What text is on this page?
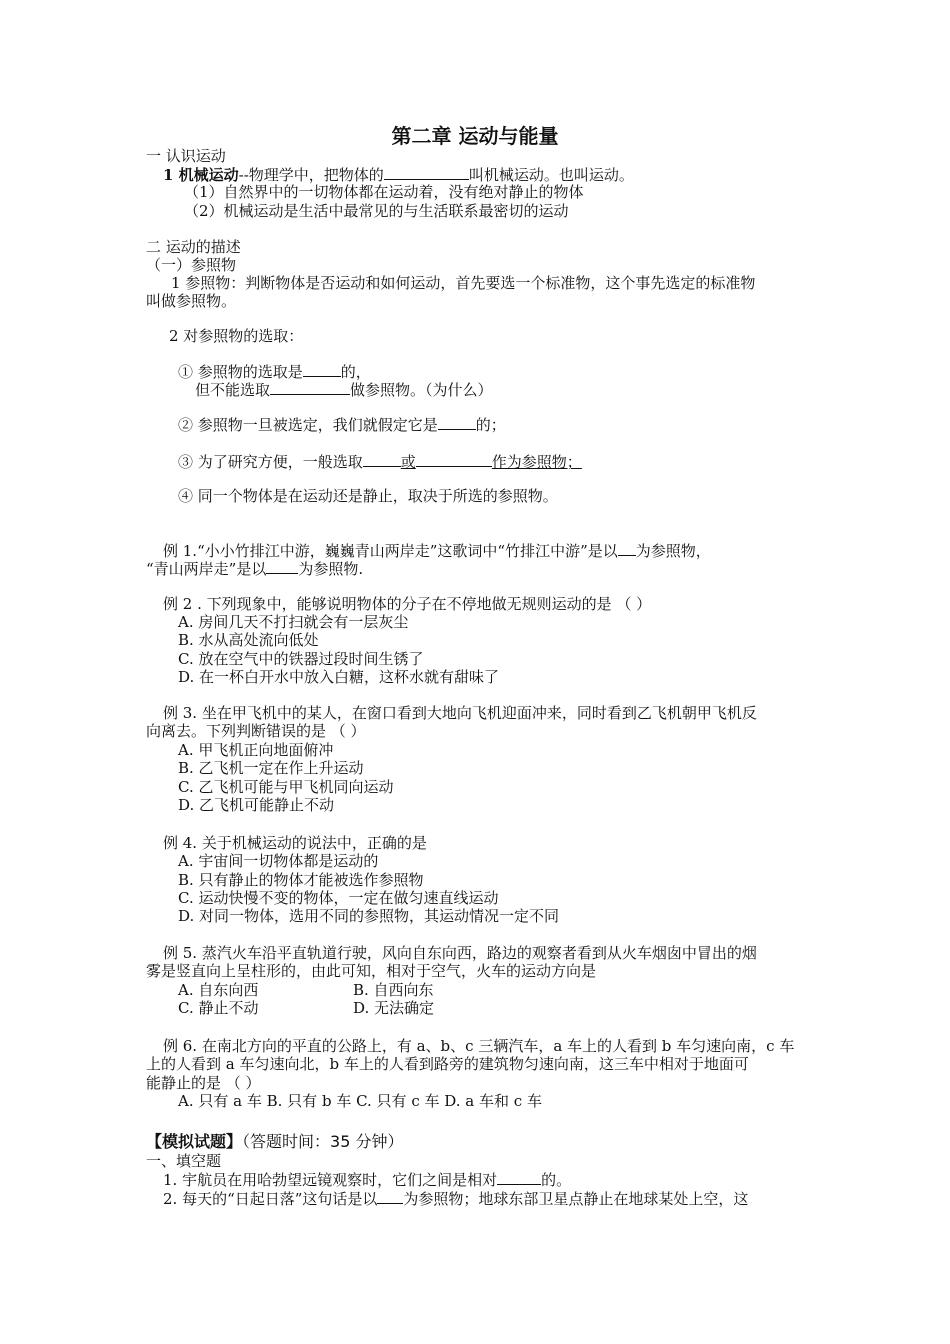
第二章 运动与能量
一 认识运动
1 机械运动--物理学中，把物体的	叫机械运动。也叫运动。
（1）自然界中的一切物体都在运动着，没有绝对静止的物体
（2）机械运动是生活中最常见的与生活联系最密切的运动
二 运动的描述
（一）参照物
1 参照物：判断物体是否运动和如何运动，首先要选一个标准物，这个事先选定的标准物
叫做参照物。
2 对参照物的选取：
① 参照物的选取是	的，
但不能选取	做参照物。（为什么）
② 参照物一旦被选定，我们就假定它是	的；
③ 为了研究方便，一般选取	或	作为参照物；
④ 同一个物体是在运动还是静止，取决于所选的参照物。
例 1.“小小竹排江中游，巍巍青山两岸走”这歌词中“竹排江中游”是以 为参照物，
“青山两岸走”是以 为参照物.
例 2 . 下列现象中，能够说明物体的分子在不停地做无规则运动的是 （ ）
A. 房间几天不打扫就会有一层灰尘
B. 水从高处流向低处
C. 放在空气中的铁器过段时间生锈了
D. 在一杯白开水中放入白糖，这杯水就有甜味了
例 3. 坐在甲飞机中的某人，在窗口看到大地向飞机迎面冲来，同时看到乙飞机朝甲飞机反
向离去。下列判断错误的是 （ ）
A. 甲飞机正向地面俯冲
B. 乙飞机一定在作上升运动
C. 乙飞机可能与甲飞机同向运动
D. 乙飞机可能静止不动
例 4. 关于机械运动的说法中，正确的是
A. 宇宙间一切物体都是运动的
B. 只有静止的物体才能被选作参照物
C. 运动快慢不变的物体，一定在做匀速直线运动
D. 对同一物体，选用不同的参照物，其运动情况一定不同
例 5. 蒸汽火车沿平直轨道行驶，风向自东向西，路边的观察者看到从火车烟囱中冒出的烟
雾是竖直向上呈柱形的，由此可知，相对于空气，火车的运动方向是
A. 自东向西	B. 自西向东
C. 静止不动	D. 无法确定
例 6. 在南北方向的平直的公路上，有 a、b、c 三辆汽车，a 车上的人看到 b 车匀速向南，c 车
上的人看到 a 车匀速向北，b 车上的人看到路旁的建筑物匀速向南，这三车中相对于地面可
能静止的是 （ ）
A. 只有 a 车 B. 只有 b 车 C. 只有 c 车 D. a 车和 c 车
【模拟试题】（答题时间：35 分钟）
一、填空题
1. 宇航员在用哈勃望远镜观察时，它们之间是相对	的。
2. 每天的“日起日落”这句话是以 为参照物；地球东部卫星点静止在地球某处上空，这
